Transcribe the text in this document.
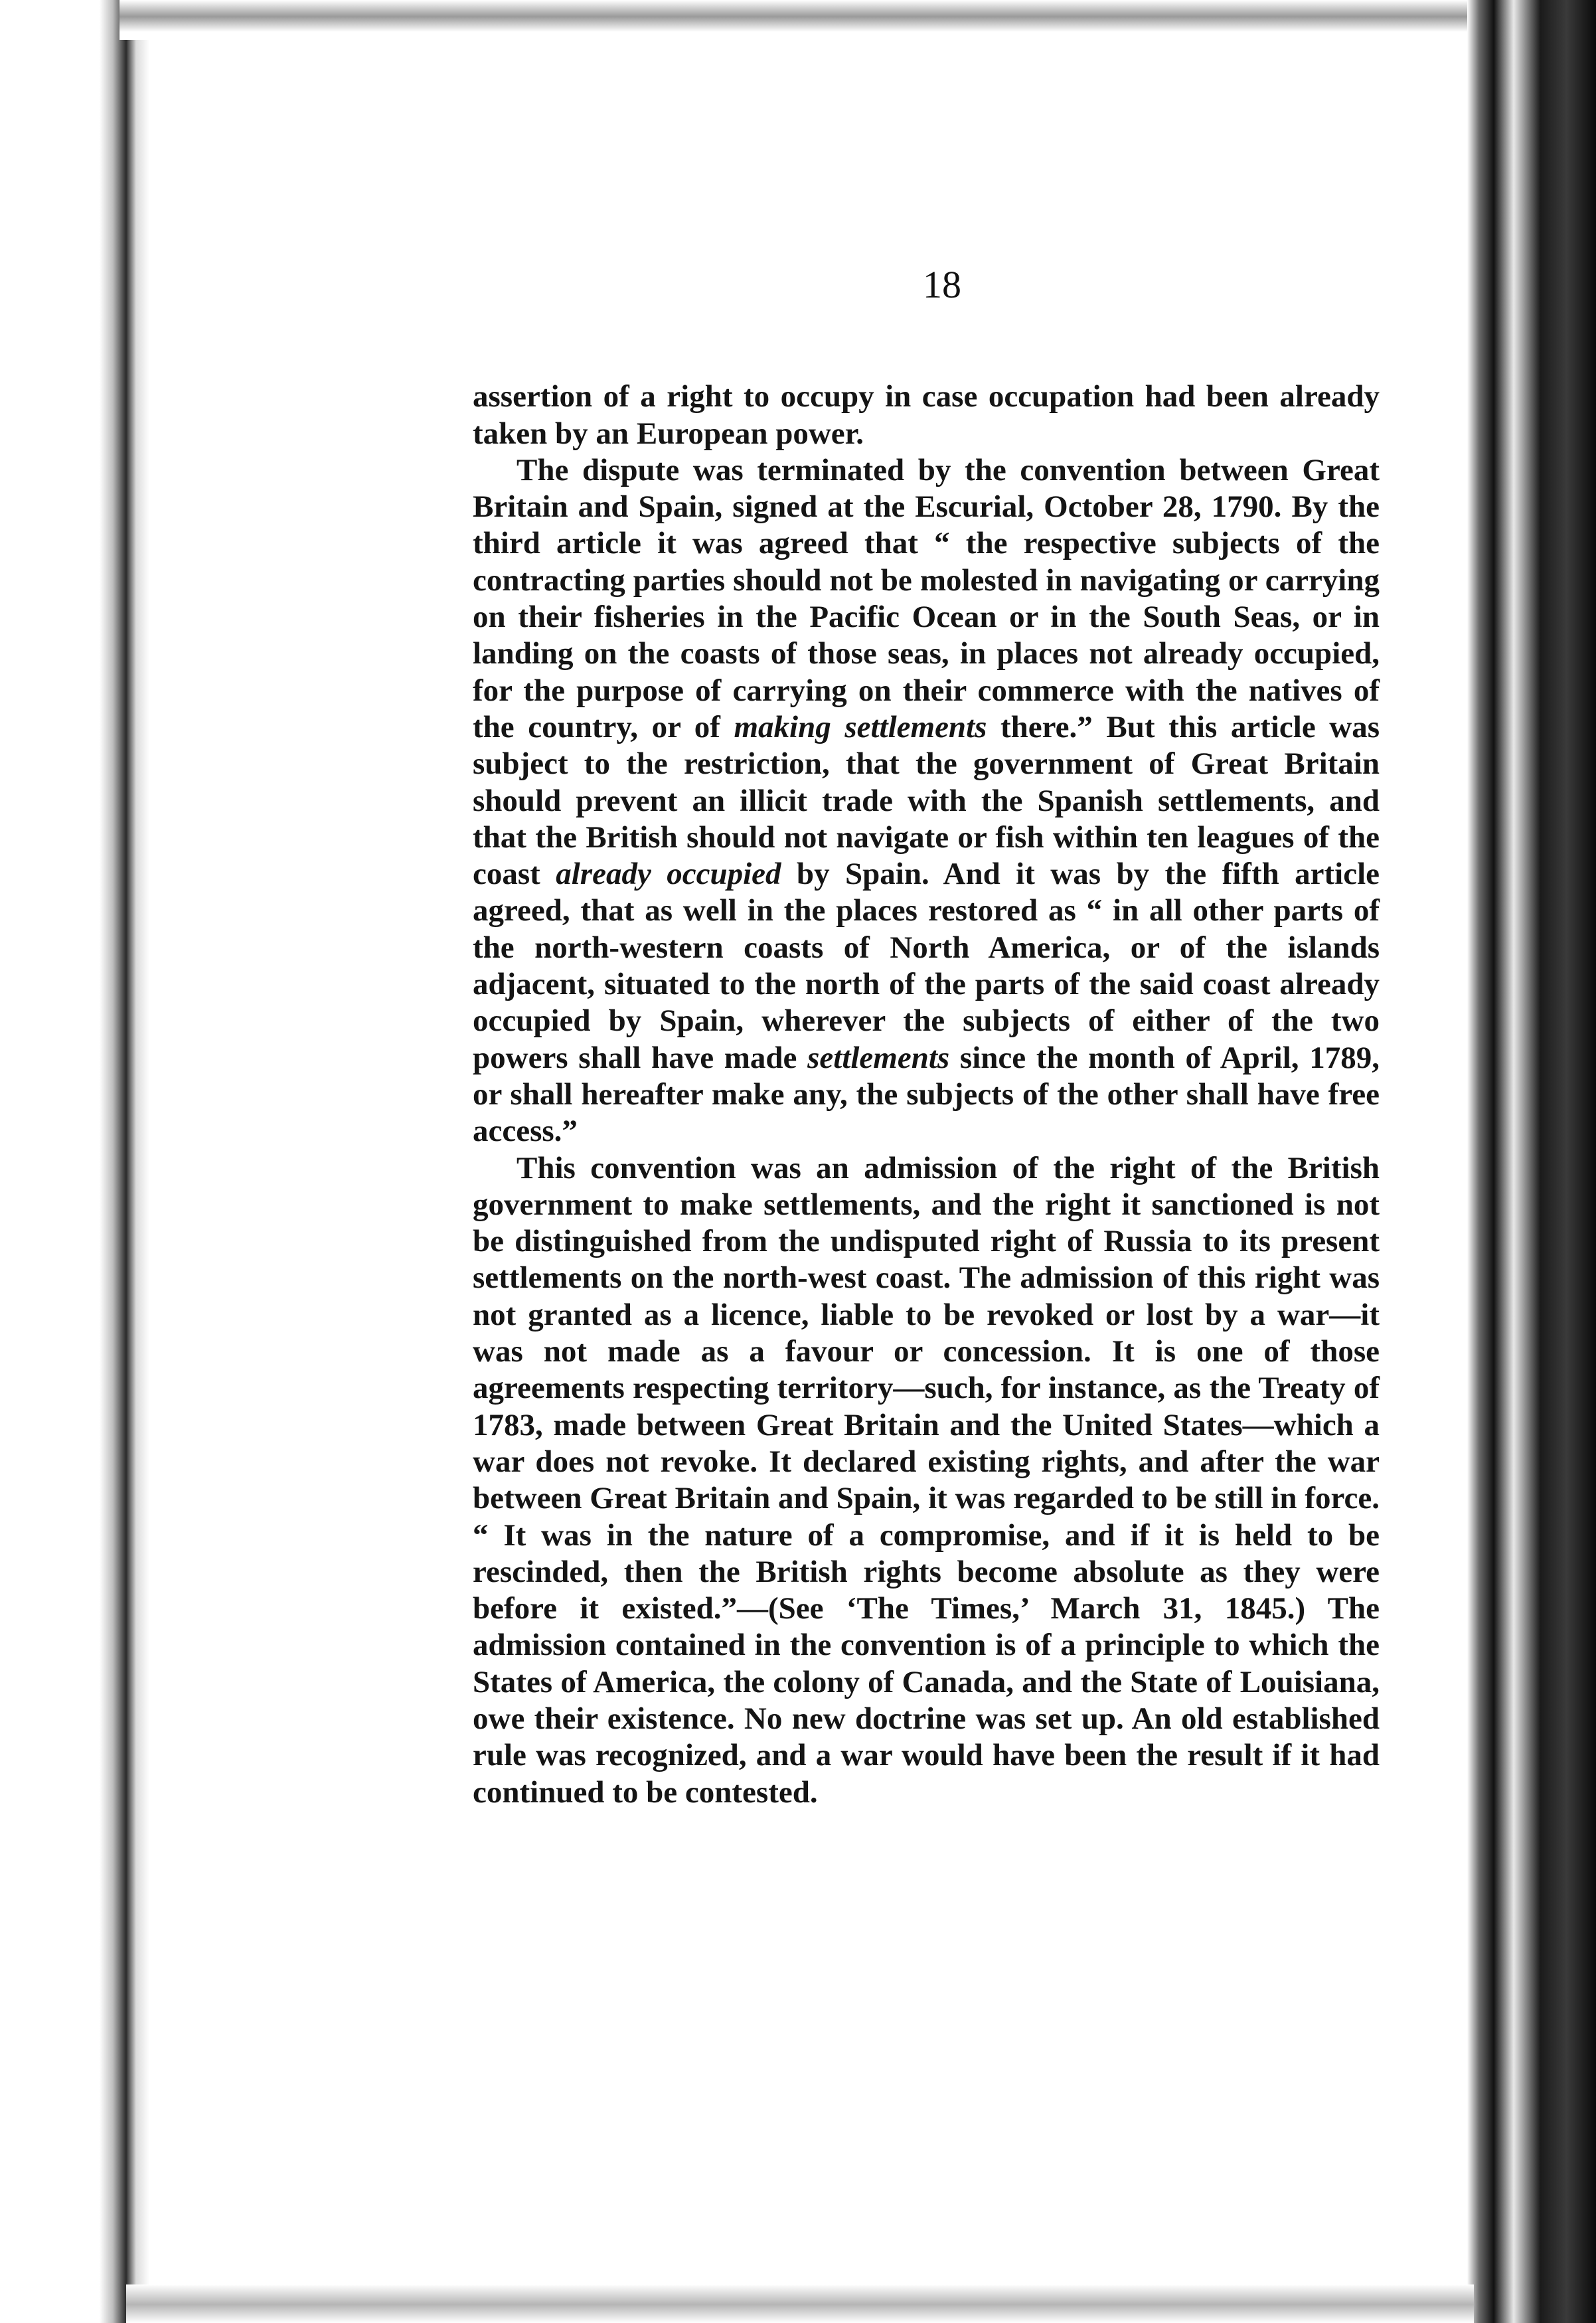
18

assertion of a right to occupy in case occupation had been already taken by an European power.

The dispute was terminated by the convention between Great Britain and Spain, signed at the Escurial, October 28, 1790. By the third article it was agreed that “ the respective subjects of the contracting parties should not be molested in navigating or carrying on their fisheries in the Pacific Ocean or in the South Seas, or in landing on the coasts of those seas, in places not already occupied, for the purpose of carrying on their commerce with the natives of the country, or of making settlements there.” But this article was subject to the restriction, that the government of Great Britain should prevent an illicit trade with the Spanish settlements, and that the British should not navigate or fish within ten leagues of the coast already occupied by Spain. And it was by the fifth article agreed, that as well in the places restored as “ in all other parts of the north-western coasts of North America, or of the islands adjacent, situated to the north of the parts of the said coast already occupied by Spain, wherever the subjects of either of the two powers shall have made settlements since the month of April, 1789, or shall hereafter make any, the subjects of the other shall have free access.”

This convention was an admission of the right of the British government to make settlements, and the right it sanctioned is not be distinguished from the undisputed right of Russia to its present settlements on the north-west coast. The admission of this right was not granted as a licence, liable to be revoked or lost by a war—it was not made as a favour or concession. It is one of those agreements respecting territory—such, for instance, as the Treaty of 1783, made between Great Britain and the United States—which a war does not revoke. It declared existing rights, and after the war between Great Britain and Spain, it was regarded to be still in force. “ It was in the nature of a compromise, and if it is held to be rescinded, then the British rights become absolute as they were before it existed.”—(See ‘The Times,’ March 31, 1845.) The admission contained in the convention is of a principle to which the States of America, the colony of Canada, and the State of Louisiana, owe their existence. No new doctrine was set up. An old established rule was recognized, and a war would have been the result if it had continued to be contested.
